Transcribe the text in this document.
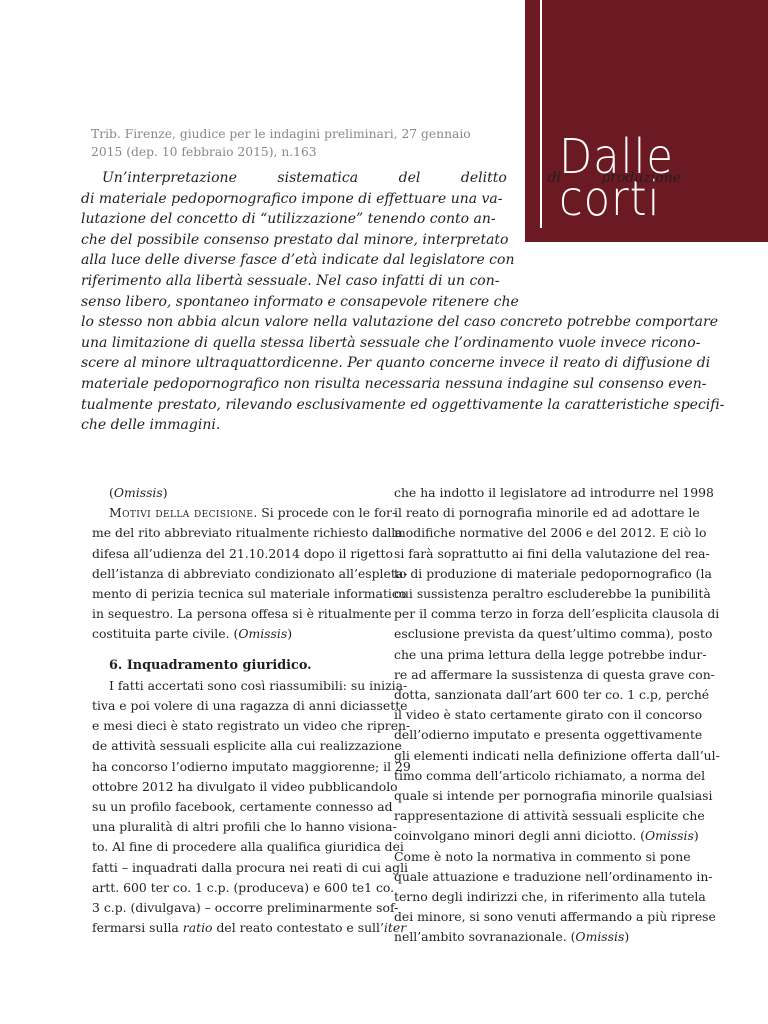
Dalle
corti
Trib. Firenze, giudice per le indagini preliminari, 27 gennaio
2015 (dep. 10 febbraio 2015), n.163
Un’interpretazione sistematica del delitto di produzione
di materiale pedopornografico impone di effettuare una va-
lutazione del concetto di “utilizzazione” tenendo conto an-
che del possibile consenso prestato dal minore, interpretato
alla luce delle diverse fasce d’età indicate dal legislatore con
riferimento alla libertà sessuale. Nel caso infatti di un con-
senso libero, spontaneo informato e consapevole ritenere che
lo stesso non abbia alcun valore nella valutazione del caso concreto potrebbe comportare
una limitazione di quella stessa libertà sessuale che l’ordinamento vuole invece ricono-
scere al minore ultraquattordicenne. Per quanto concerne invece il reato di diffusione di
materiale pedopornografico non risulta necessaria nessuna indagine sul consenso even-
tualmente prestato, rilevando esclusivamente ed oggettivamente la caratteristiche specifi-
che delle immagini.
(Omissis)
Motivi della decisione. Si procede con le for-
me del rito abbreviato ritualmente richiesto dalla
difesa all’udienza del 21.10.2014 dopo il rigetto
dell’istanza di abbreviato condizionato all’espleta-
mento di perizia tecnica sul materiale informatico
in sequestro. La persona offesa si è ritualmente
costituita parte civile. (Omissis)
6. Inquadramento giuridico.
I fatti accertati sono così riassumibili: su inizia-
tiva e poi volere di una ragazza di anni diciassette
e mesi dieci è stato registrato un video che ripren-
de attività sessuali esplicite alla cui realizzazione
ha concorso l’odierno imputato maggiorenne; il 29
ottobre 2012 ha divulgato il video pubblicandolo
su un profilo facebook, certamente connesso ad
una pluralità di altri profili che lo hanno visiona-
to. Al fine di procedere alla qualifica giuridica dei
fatti – inquadrati dalla procura nei reati di cui agli
artt. 600 ter co. 1 c.p. (produceva) e 600 te1 co.
3 c.p. (divulgava) – occorre preliminarmente sof-
fermarsi sulla ratio del reato contestato e sull’iter
che ha indotto il legislatore ad introdurre nel 1998
il reato di pornografia minorile ed ad adottare le
modifiche normative del 2006 e del 2012. E ciò lo
si farà soprattutto ai fini della valutazione del rea-
to di produzione di materiale pedopornografico (la
cui sussistenza peraltro escluderebbe la punibilità
per il comma terzo in forza dell’esplicita clausola di
esclusione prevista da quest’ultimo comma), posto
che una prima lettura della legge potrebbe indur-
re ad affermare la sussistenza di questa grave con-
dotta, sanzionata dall’art 600 ter co. 1 c.p, perché
il video è stato certamente girato con il concorso
dell’odierno imputato e presenta oggettivamente
gli elementi indicati nella definizione offerta dall’ul-
timo comma dell’articolo richiamato, a norma del
quale si intende per pornografia minorile qualsiasi
rappresentazione di attività sessuali esplicite che
coinvolgano minori degli anni diciotto. (Omissis)
Come è noto la normativa in commento si pone
quale attuazione e traduzione nell’ordinamento in-
terno degli indirizzi che, in riferimento alla tutela
dei minore, si sono venuti affermando a più riprese
nell’ambito sovranazionale. (Omissis)
